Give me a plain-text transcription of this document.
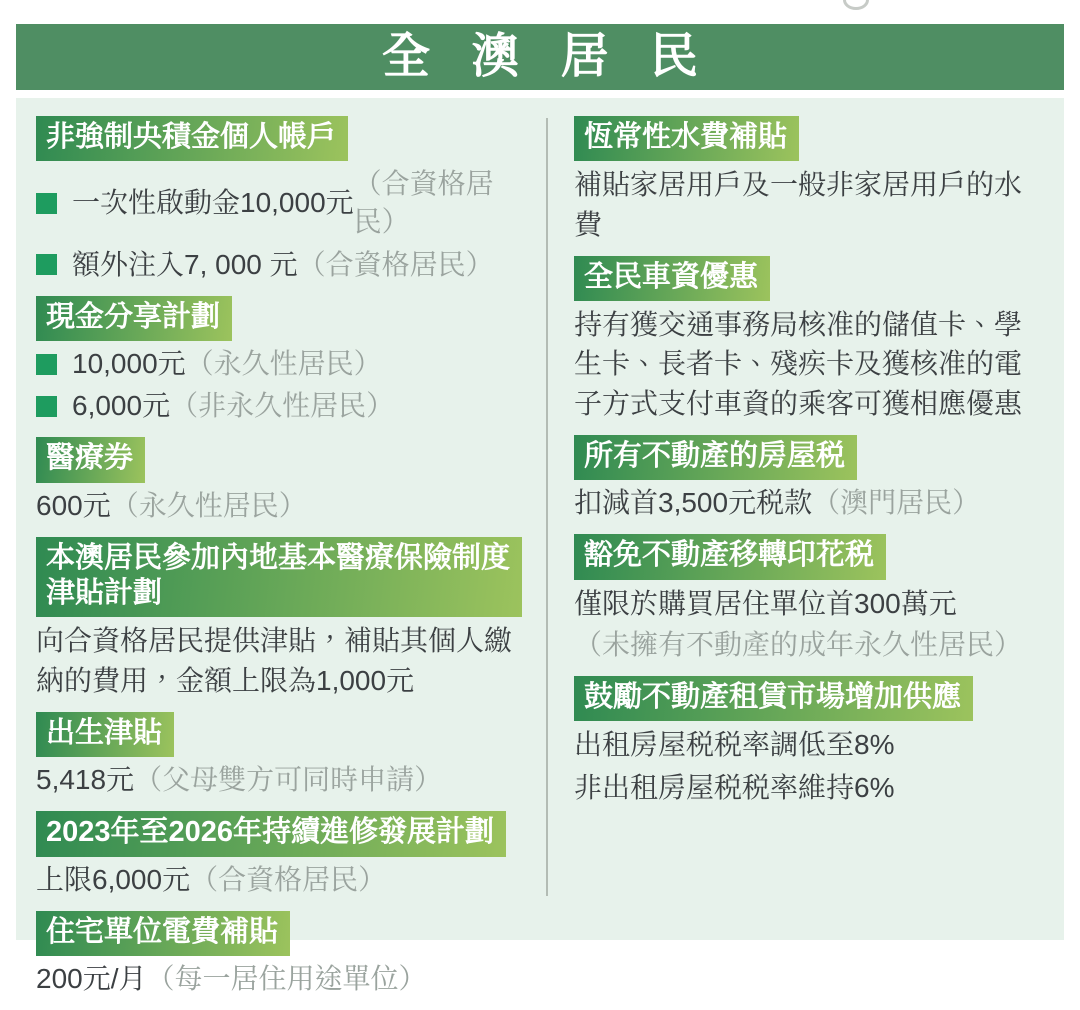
全 澳 居 民
非強制央積金個人帳戶
一次性啟動金10,000元
（合資格居民）
額外注入7, 000 元 （合資格居民）
現金分享計劃
10,000元 （永久性居民）
6,000元 （非永久性居民）
醫療券
600元 （永久性居民）
本澳居民參加內地基本醫療保險制度津貼計劃
向合資格居民提供津貼，補貼其個人繳納的費用，金額上限為1,000元
出生津貼
5,418元 （父母雙方可同時申請）
2023年至2026年持續進修發展計劃
上限6,000元 （合資格居民）
住宅單位電費補貼
200元/月 （每一居住用途單位）
恆常性水費補貼
補貼家居用戶及一般非家居用戶的水費
全民車資優惠
持有獲交通事務局核准的儲值卡、學生卡、長者卡、殘疾卡及獲核准的電子方式支付車資的乘客可獲相應優惠
所有不動產的房屋税
扣減首3,500元税款 （澳門居民）
豁免不動產移轉印花税
僅限於購買居住單位首300萬元
（未擁有不動產的成年永久性居民）
鼓勵不動產租賃市場增加供應
出租房屋税税率調低至8%
非出租房屋税税率維持6%
